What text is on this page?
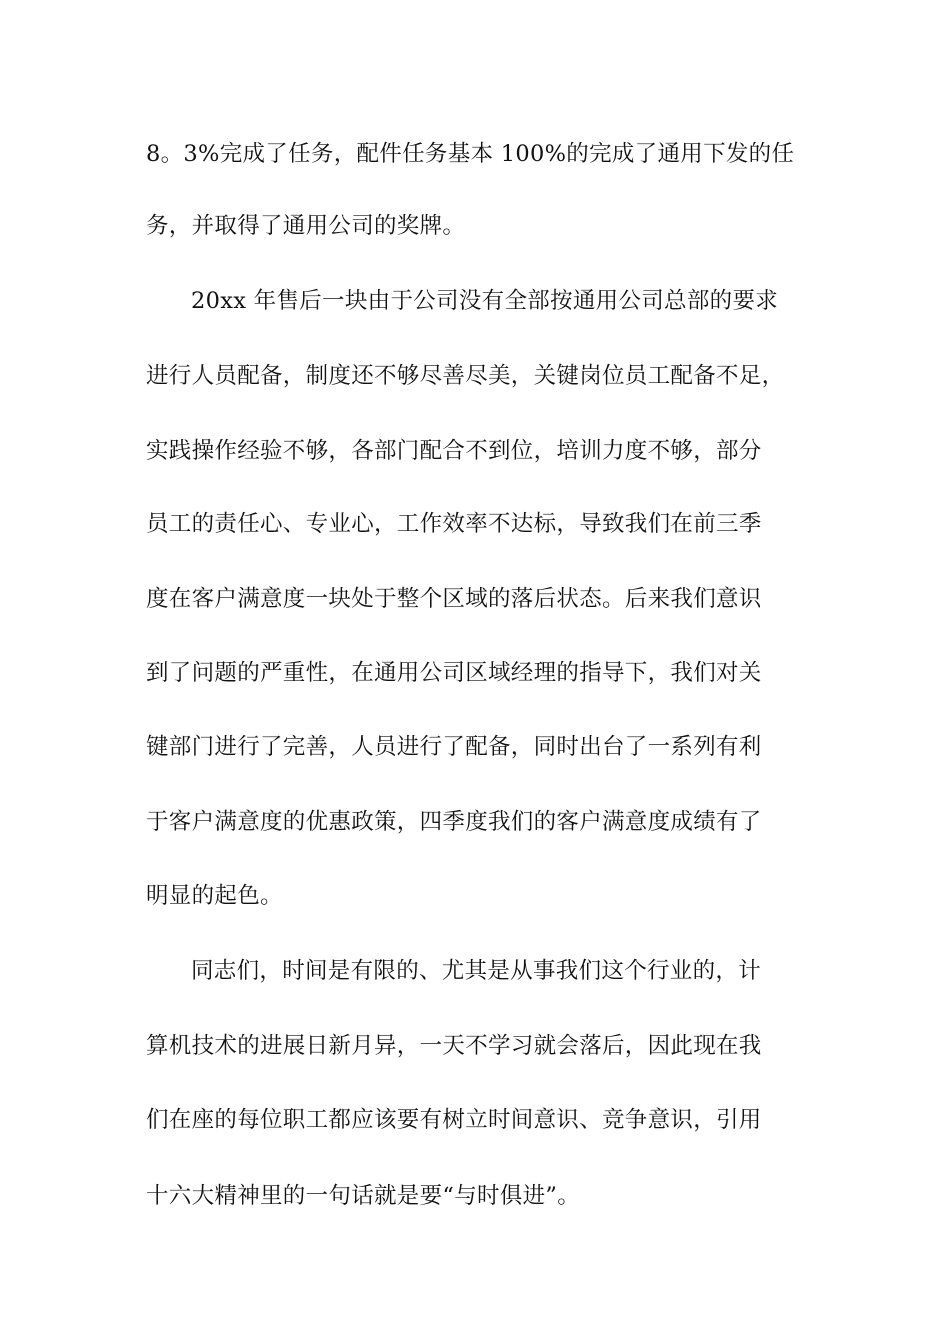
8。3%完成了任务，配件任务基本 100%的完成了通用下发的任
务，并取得了通用公司的奖牌。
20xx 年售后一块由于公司没有全部按通用公司总部的要求
进行人员配备，制度还不够尽善尽美，关键岗位员工配备不足，
实践操作经验不够，各部门配合不到位，培训力度不够，部分
员工的责任心、专业心，工作效率不达标，导致我们在前三季
度在客户满意度一块处于整个区域的落后状态。后来我们意识
到了问题的严重性，在通用公司区域经理的指导下，我们对关
键部门进行了完善，人员进行了配备，同时出台了一系列有利
于客户满意度的优惠政策，四季度我们的客户满意度成绩有了
明显的起色。
同志们，时间是有限的、尤其是从事我们这个行业的，计
算机技术的进展日新月异，一天不学习就会落后，因此现在我
们在座的每位职工都应该要有树立时间意识、竞争意识，引用
十六大精神里的一句话就是要“与时俱进”。
